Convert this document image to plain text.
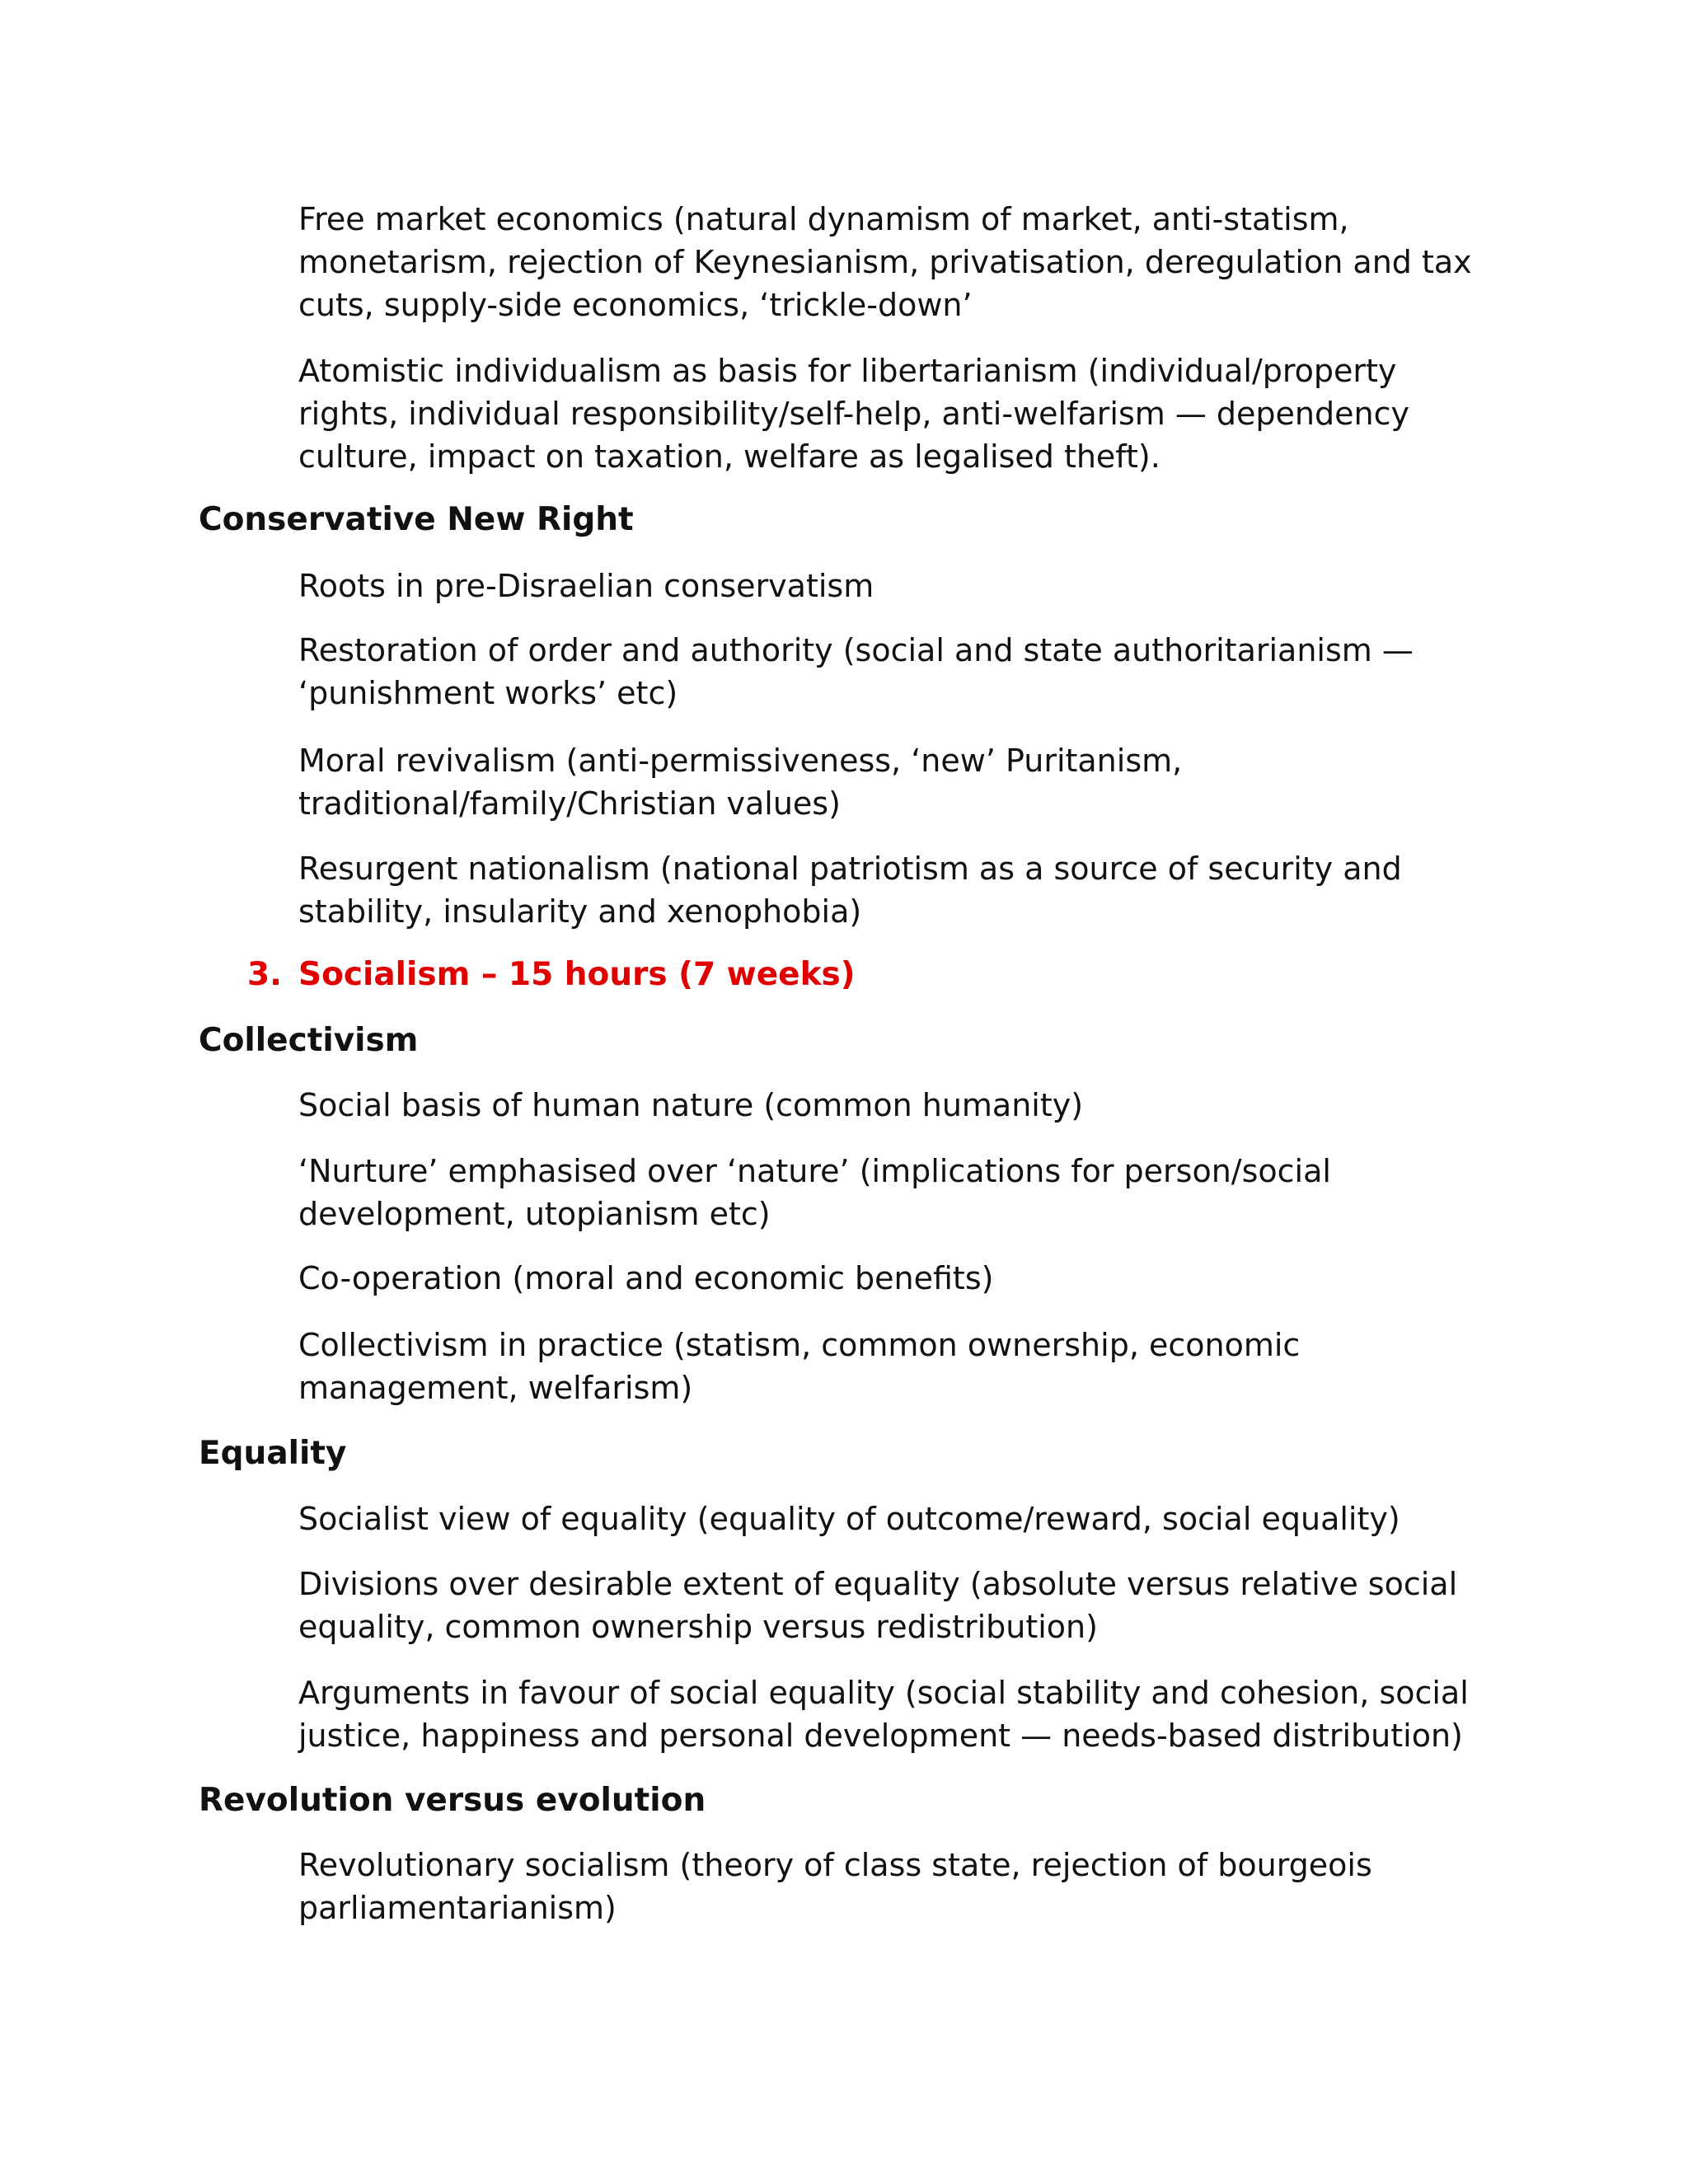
Free market economics (natural dynamism of market, anti-statism, monetarism, rejection of Keynesianism, privatisation, deregulation and tax cuts, supply-side economics, ‘trickle-down’

Atomistic individualism as basis for libertarianism (individual/property rights, individual responsibility/self-help, anti-welfarism — dependency culture, impact on taxation, welfare as legalised theft).

Conservative New Right

Roots in pre-Disraelian conservatism

Restoration of order and authority (social and state authoritarianism — ‘punishment works’ etc)

Moral revivalism (anti-permissiveness, ‘new’ Puritanism, traditional/family/Christian values)

Resurgent nationalism (national patriotism as a source of security and stability, insularity and xenophobia)

3. Socialism – 15 hours (7 weeks)
Collectivism

Social basis of human nature (common humanity)

‘Nurture’ emphasised over ‘nature’ (implications for person/social development, utopianism etc)

Co-operation (moral and economic benefits)

Collectivism in practice (statism, common ownership, economic management, welfarism)

Equality

Socialist view of equality (equality of outcome/reward, social equality)

Divisions over desirable extent of equality (absolute versus relative social equality, common ownership versus redistribution)

Arguments in favour of social equality (social stability and cohesion, social justice, happiness and personal development — needs-based distribution)

Revolution versus evolution

Revolutionary socialism (theory of class state, rejection of bourgeois parliamentarianism)
